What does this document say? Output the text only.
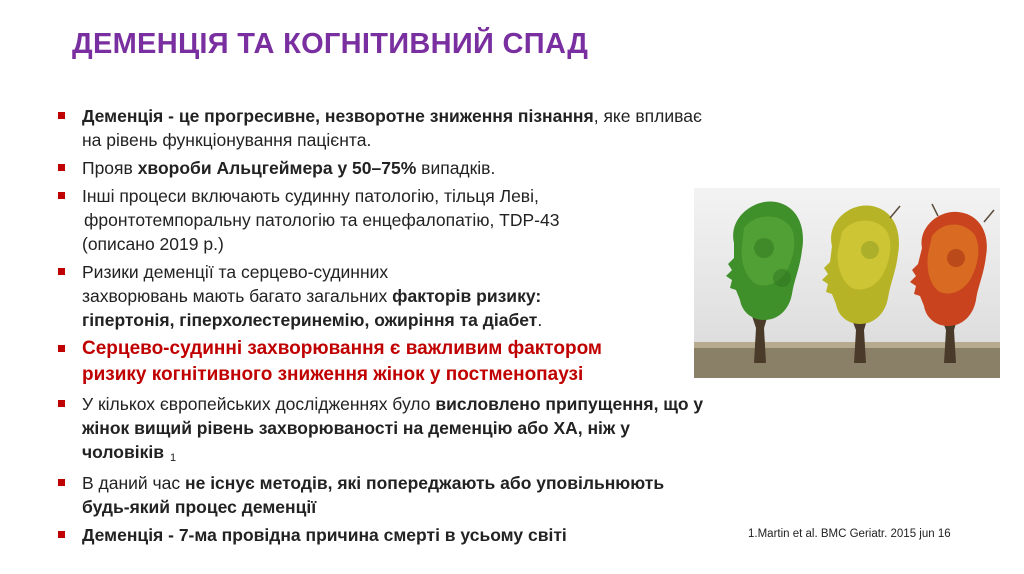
ДЕМЕНЦІЯ ТА КОГНІТИВНИЙ СПАД
Деменція - це прогресивне, незворотне зниження пізнання, яке впливає на рівень функціонування пацієнта.
Прояв хвороби Альцгеймера у 50–75% випадків.
Інші процеси включають судинну патологію, тільця Леві,
фронтотемпоральну патологію та енцефалопатію, TDP-43
(описано 2019 р.)
Ризики деменції та серцево-судинних
захворювань мають багато загальних факторів ризику:
гіпертонія, гіперхолестеринемію, ожиріння та діабет.
Серцево-судинні захворювання є важливим фактором
ризику когнітивного зниження жінок у постменопаузі
У кількох європейських дослідженнях було висловлено припущення, що у жінок вищий рівень захворюваності на деменцію або ХА, ніж у чоловіків 1
В даний час не існує методів, які попереджають або уповільнюють будь-який процес деменції
Деменція - 7-ма провідна причина смерті в усьому світі	1.Martin et al. BMC Geriatr. 2015 jun 16
